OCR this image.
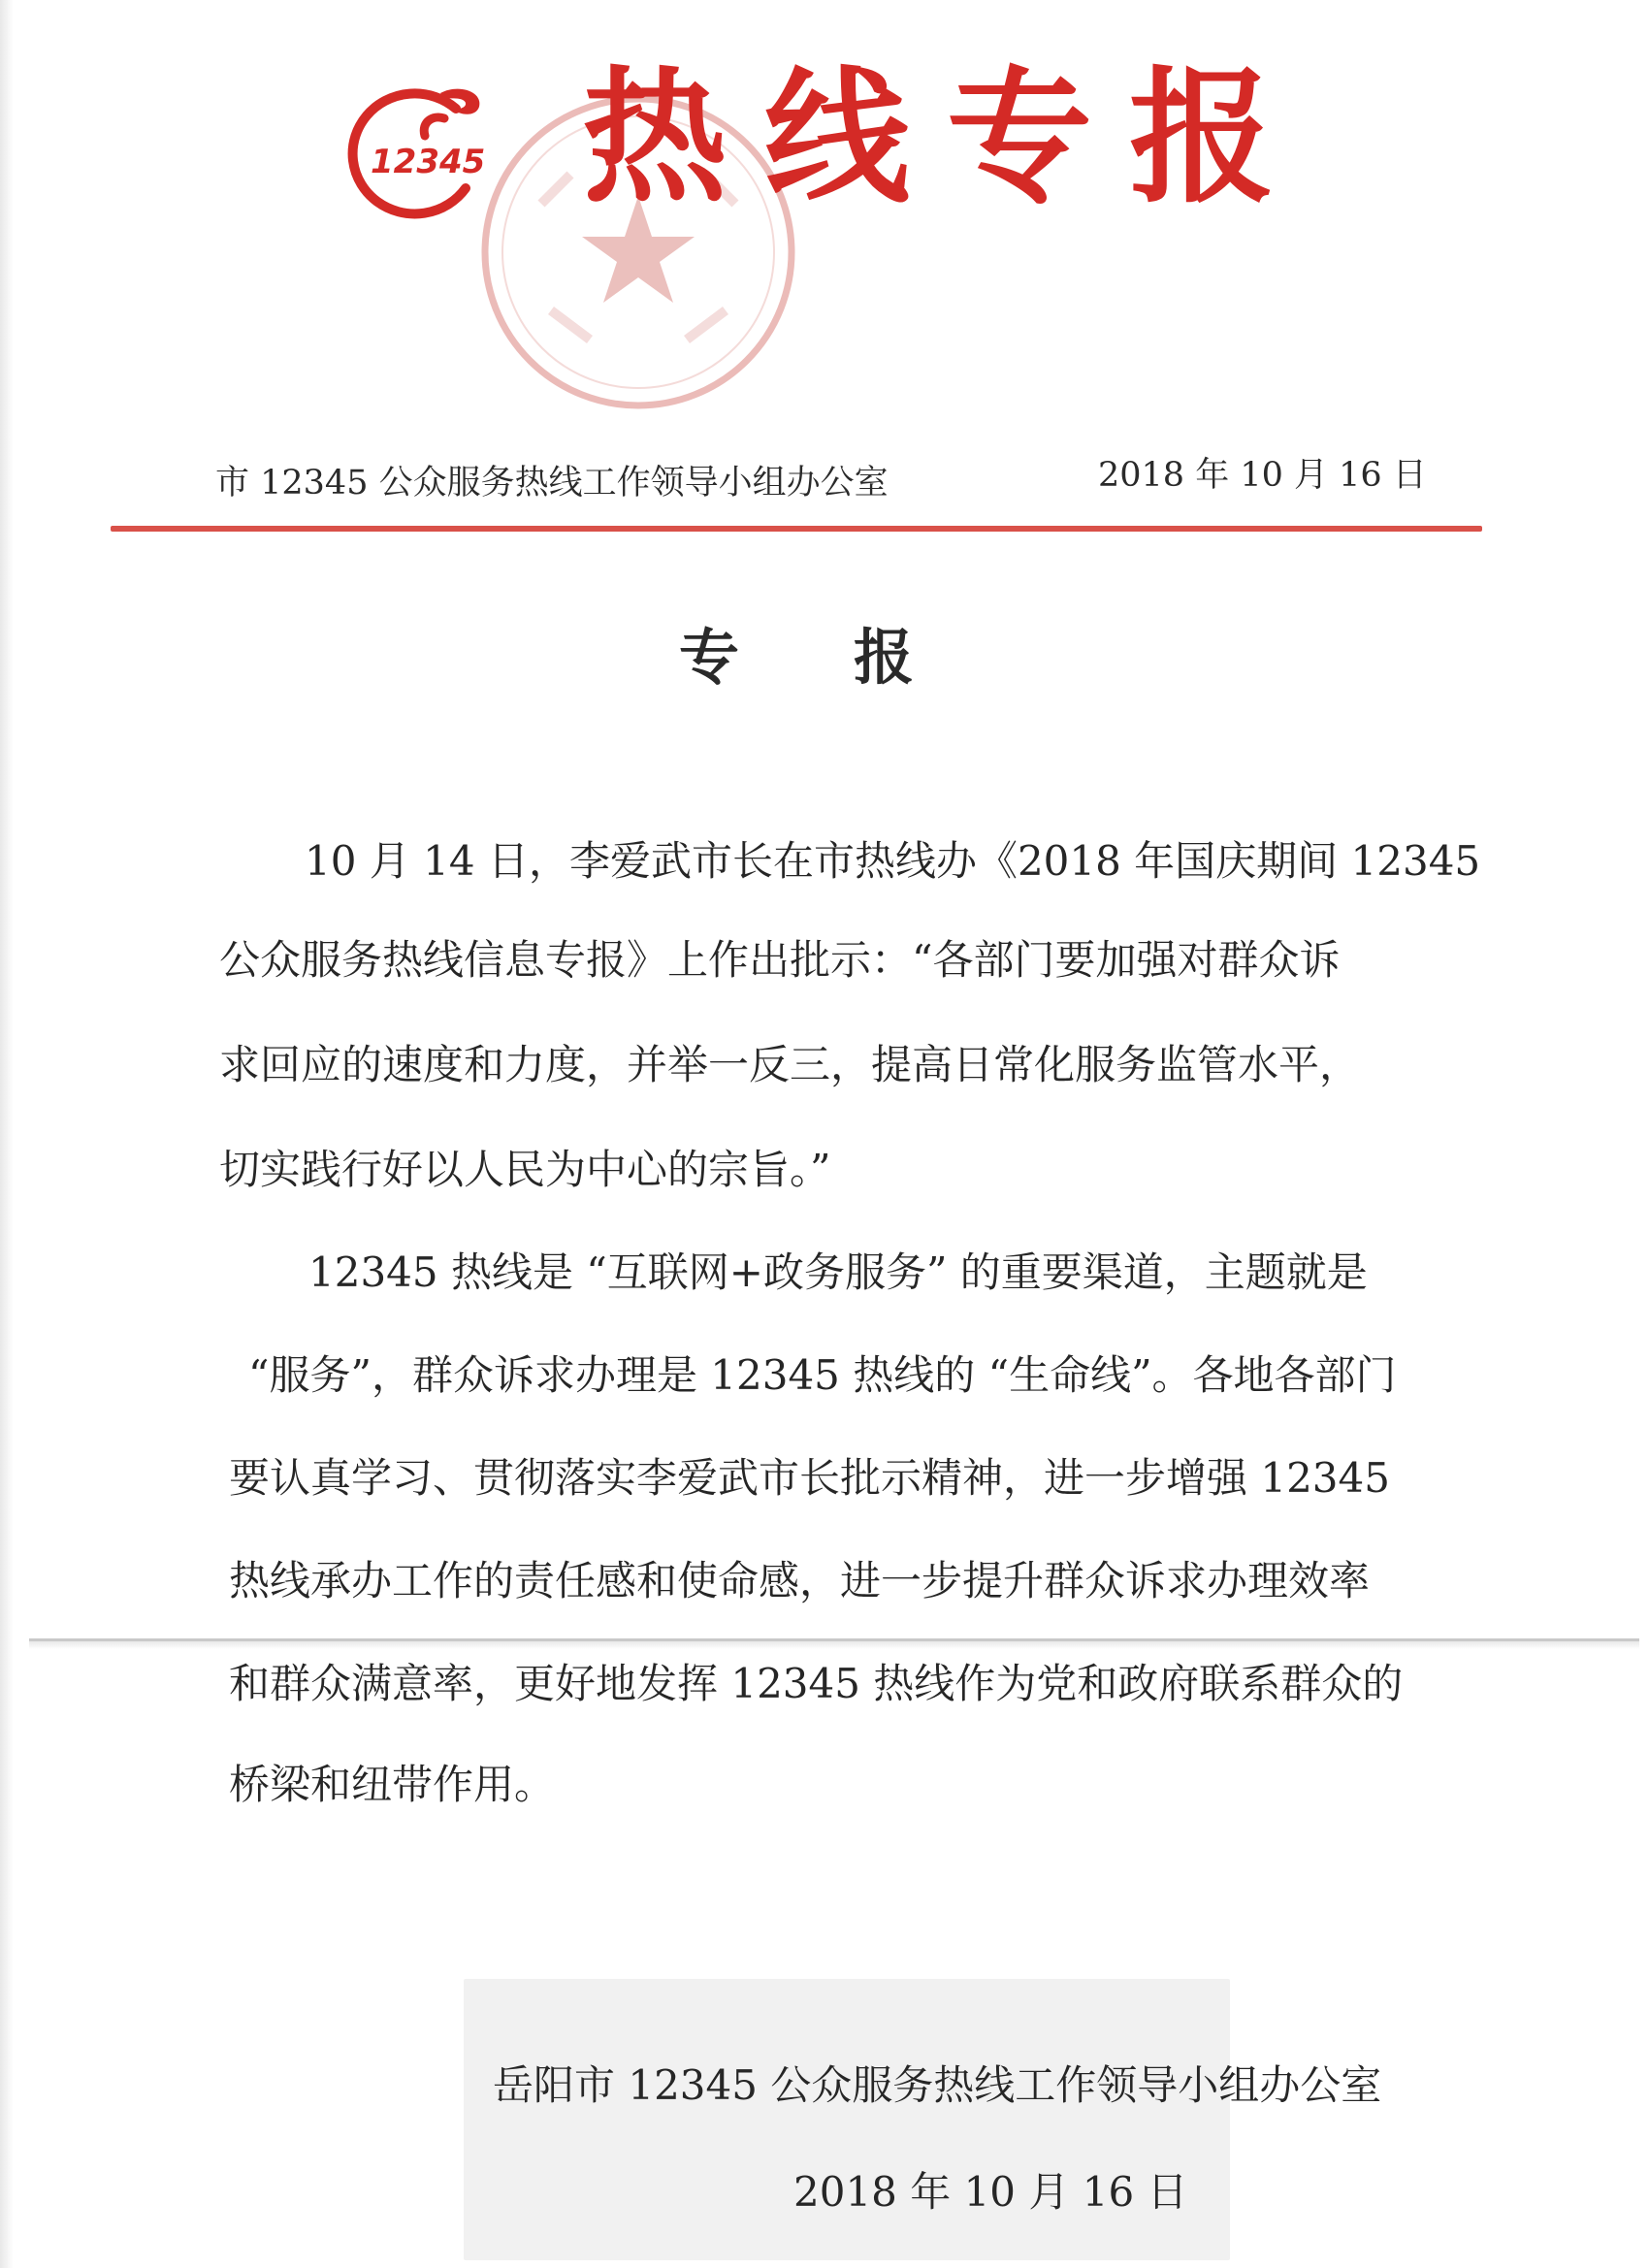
12345 热线专报
市 12345 公众服务热线工作领导小组办公室	2018 年 10 月 16 日
专报
10 月 14 日，李爱武市长在市热线办《2018 年国庆期间 12345
公众服务热线信息专报》上作出批示：“各部门要加强对群众诉
求回应的速度和力度，并举一反三，提高日常化服务监管水平，
切实践行好以人民为中心的宗旨。”
12345 热线是 “互联网+政务服务” 的重要渠道，主题就是
“服务”，群众诉求办理是 12345 热线的 “生命线”。各地各部门
要认真学习、贯彻落实李爱武市长批示精神，进一步增强 12345
热线承办工作的责任感和使命感，进一步提升群众诉求办理效率
和群众满意率，更好地发挥 12345 热线作为党和政府联系群众的
桥梁和纽带作用。
岳阳市 12345 公众服务热线工作领导小组办公室
2018 年 10 月 16 日
